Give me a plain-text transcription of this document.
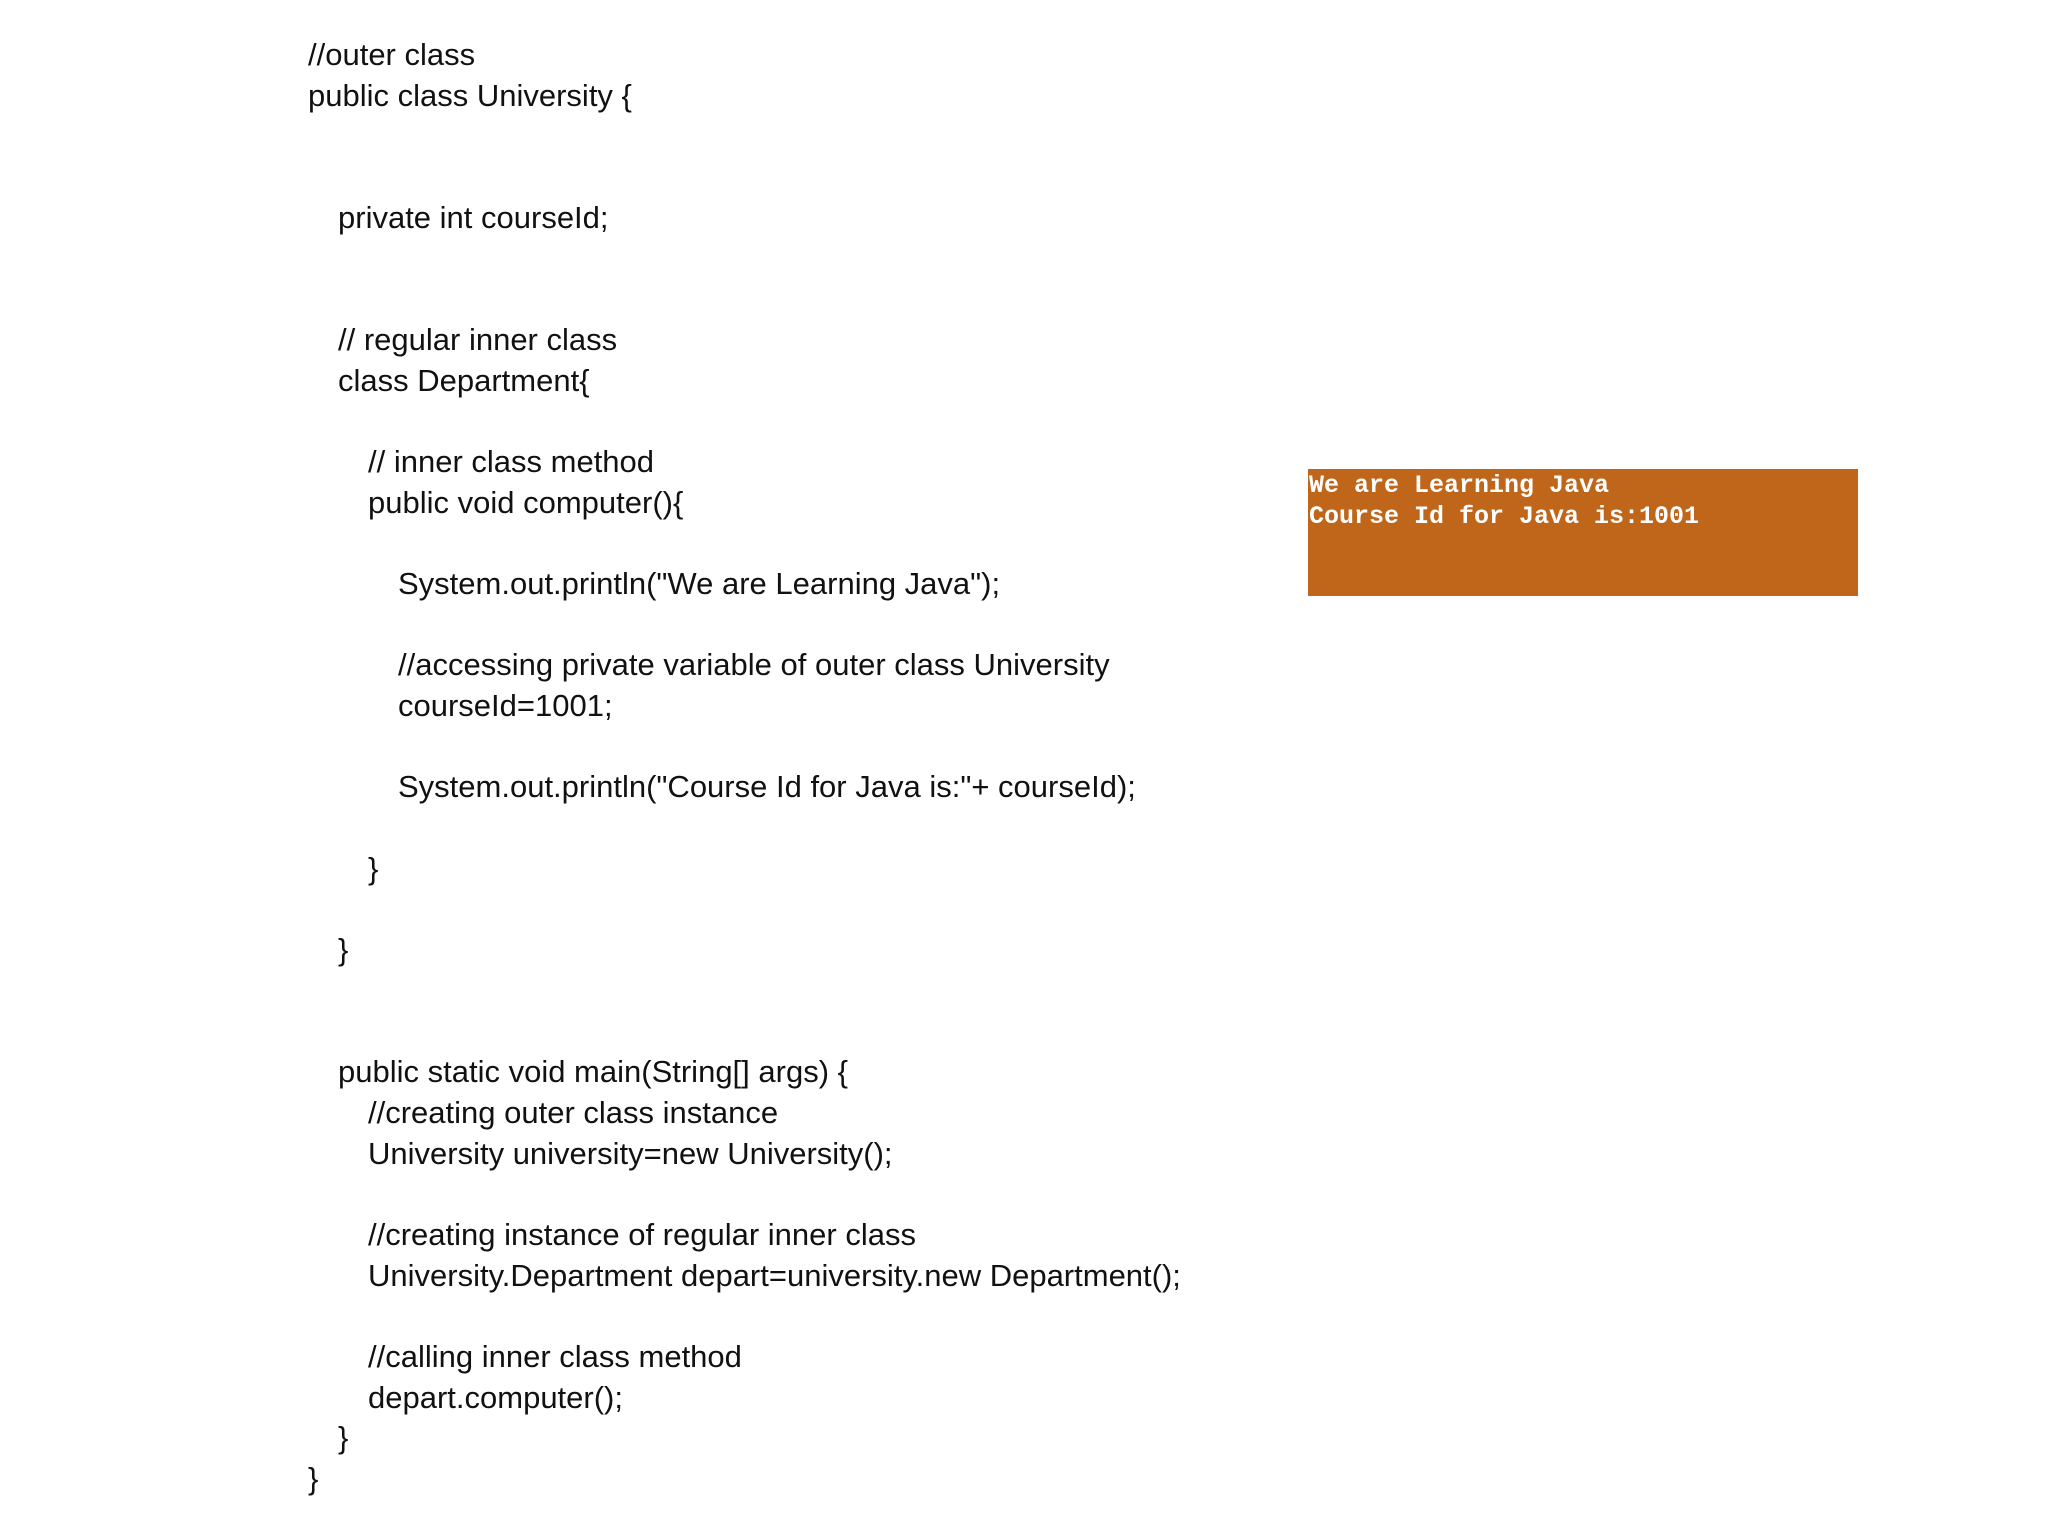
//outer class
public class University {
private int courseId;
// regular inner class
class Department{
// inner class method
public void computer(){
System.out.println("We are Learning Java");
//accessing private variable of outer class University
courseId=1001;
System.out.println("Course Id for Java is:"+ courseId);
}
}
public static void main(String[] args) {
//creating outer class instance
University university=new University();
//creating instance of regular inner class
University.Department depart=university.new Department();
//calling inner class method
depart.computer();
}
}
We are Learning Java
Course Id for Java is:1001
